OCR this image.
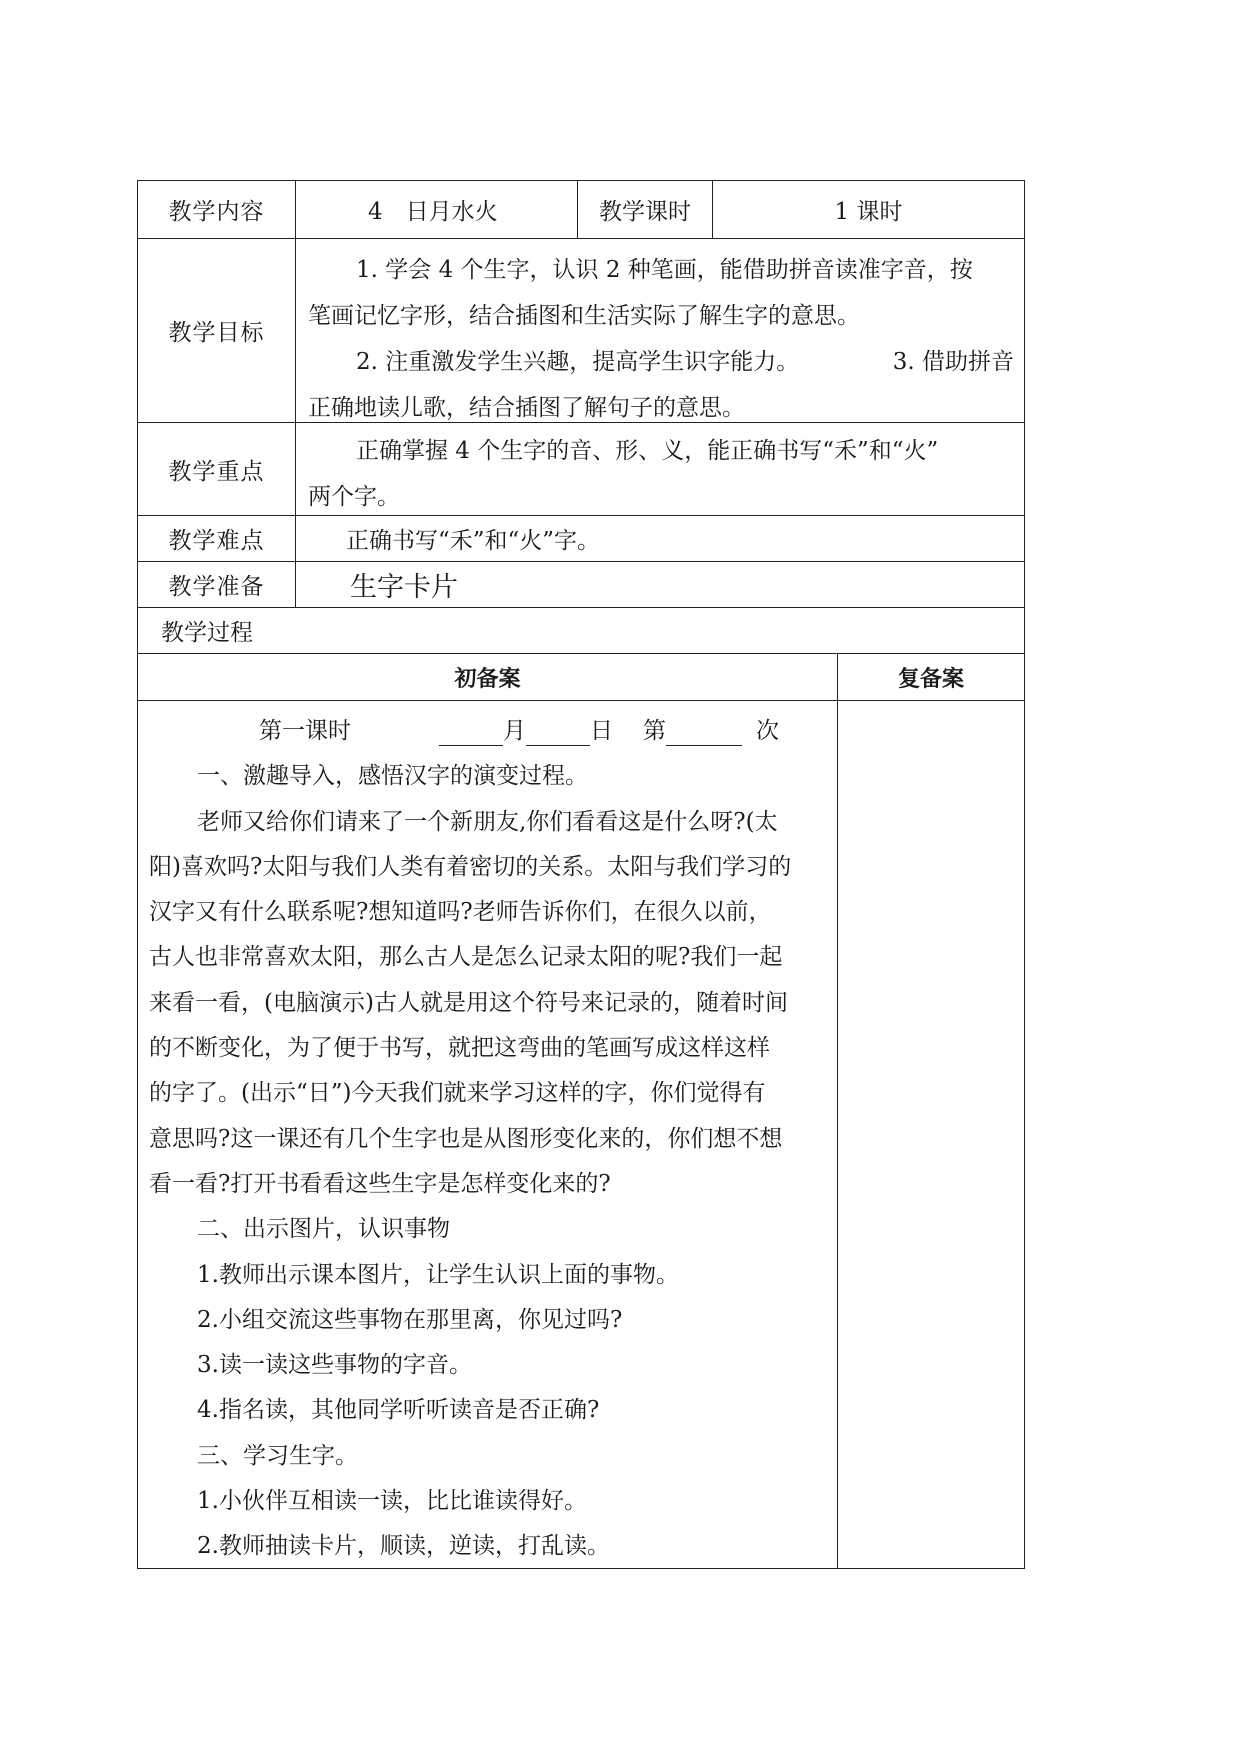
教学内容	4　日月水火	教学课时	1 课时
教学目标
1. 学会 4 个生字，认识 2 种笔画，能借助拼音读准字音，按
笔画记忆字形，结合插图和生活实际了解生字的意思。
2. 注重激发学生兴趣，提高学生识字能力。	3. 借助拼音
正确地读儿歌，结合插图了解句子的意思。
教学重点
正确掌握 4 个生字的音、形、义，能正确书写“禾”和“火”
两个字。
教学难点	正确书写“禾”和“火”字。
教学准备	生字卡片
教学过程
初备案	复备案
第一课时	月	日 第	次
一、激趣导入，感悟汉字的演变过程。
老师又给你们请来了一个新朋友,你们看看这是什么呀?(太
阳)喜欢吗?太阳与我们人类有着密切的关系。太阳与我们学习的
汉字又有什么联系呢?想知道吗?老师告诉你们，在很久以前，
古人也非常喜欢太阳，那么古人是怎么记录太阳的呢?我们一起
来看一看，(电脑演示)古人就是用这个符号来记录的，随着时间
的不断变化，为了便于书写，就把这弯曲的笔画写成这样这样
的字了。(出示“日”)今天我们就来学习这样的字，你们觉得有
意思吗?这一课还有几个生字也是从图形变化来的，你们想不想
看一看?打开书看看这些生字是怎样变化来的?
二、出示图片，认识事物
1.教师出示课本图片，让学生认识上面的事物。
2.小组交流这些事物在那里离，你见过吗?
3.读一读这些事物的字音。
4.指名读，其他同学听听读音是否正确?
三、学习生字。
1.小伙伴互相读一读，比比谁读得好。
2.教师抽读卡片，顺读，逆读，打乱读。
